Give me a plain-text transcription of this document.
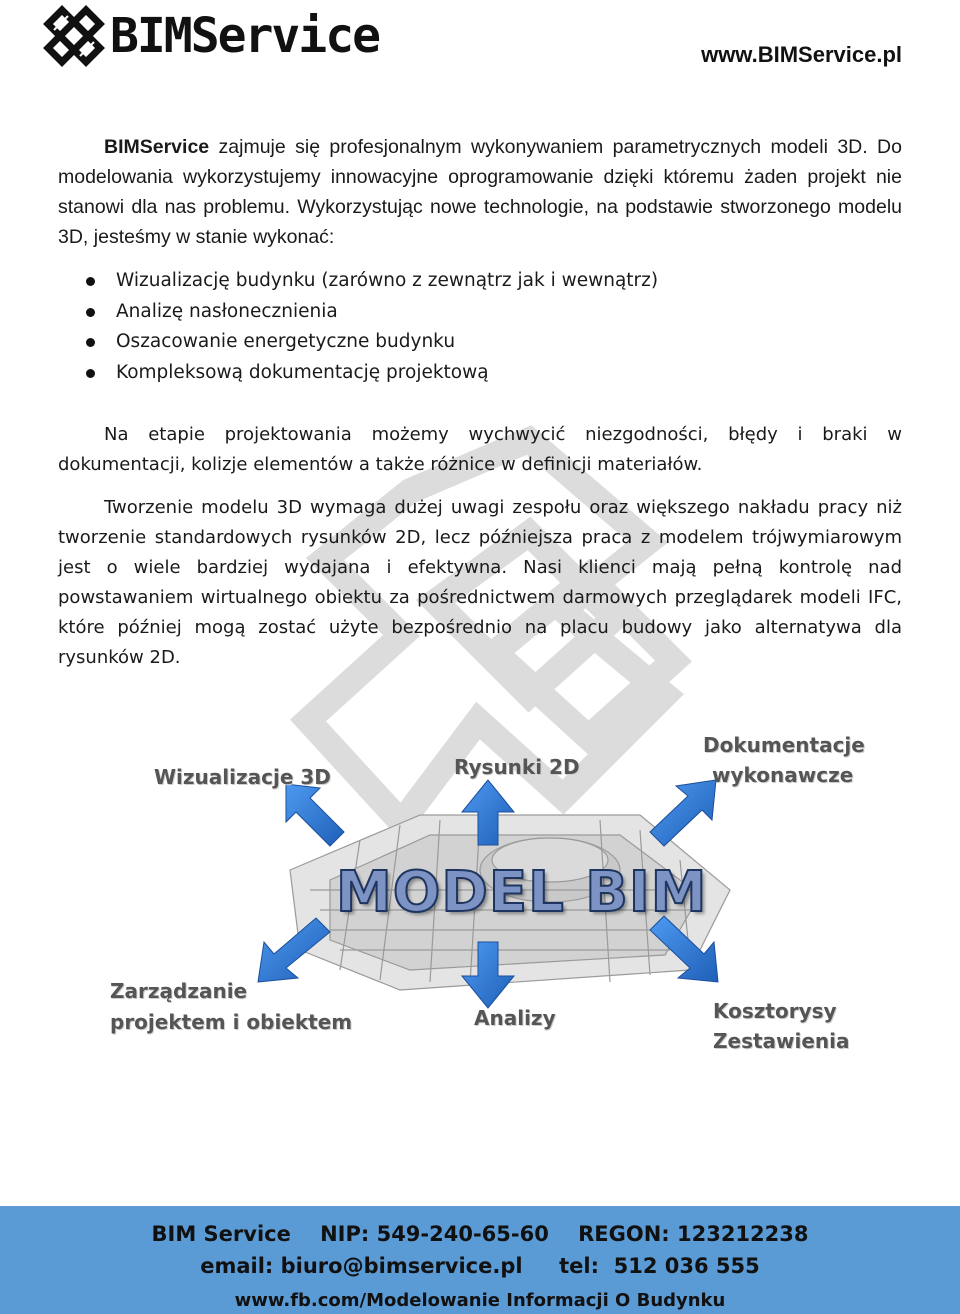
BIMService	www.BIMService.pl
BIMService zajmuje się profesjonalnym wykonywaniem parametrycznych modeli 3D. Do modelowania wykorzystujemy innowacyjne oprogramowanie dzięki któremu żaden projekt nie stanowi dla nas problemu. Wykorzystując nowe technologie, na podstawie stworzonego modelu 3D, jesteśmy w stanie wykonać:
Wizualizację budynku (zarówno z zewnątrz jak i wewnątrz)
Analizę nasłonecznienia
Oszacowanie energetyczne budynku
Kompleksową dokumentację projektową
Na etapie projektowania możemy wychwycić niezgodności, błędy i braki w dokumentacji, kolizje elementów a także różnice w definicji materiałów.
Tworzenie modelu 3D wymaga dużej uwagi zespołu oraz większego nakładu pracy niż tworzenie standardowych rysunków 2D, lecz późniejsza praca z modelem trójwymiarowym jest o wiele bardziej wydajana i efektywna. Nasi klienci mają pełną kontrolę nad powstawaniem wirtualnego obiektu za pośrednictwem darmowych przeglądarek modeli IFC, które później mogą zostać użyte bezpośrednio na placu budowy jako alternatywa dla rysunków 2D.
MODEL BIM
Wizualizacje 3D	Rysunki 2D
Dokumentacje
wykonawcze
Zarządzanie
projektem i obiektem	Analizy	Kosztorysy
Zestawienia
BIM Service    NIP: 549-240-65-60    REGON: 123212238
email: biuro@bimservice.pl     tel:  512 036 555
www.fb.com/Modelowanie Informacji O Budynku
